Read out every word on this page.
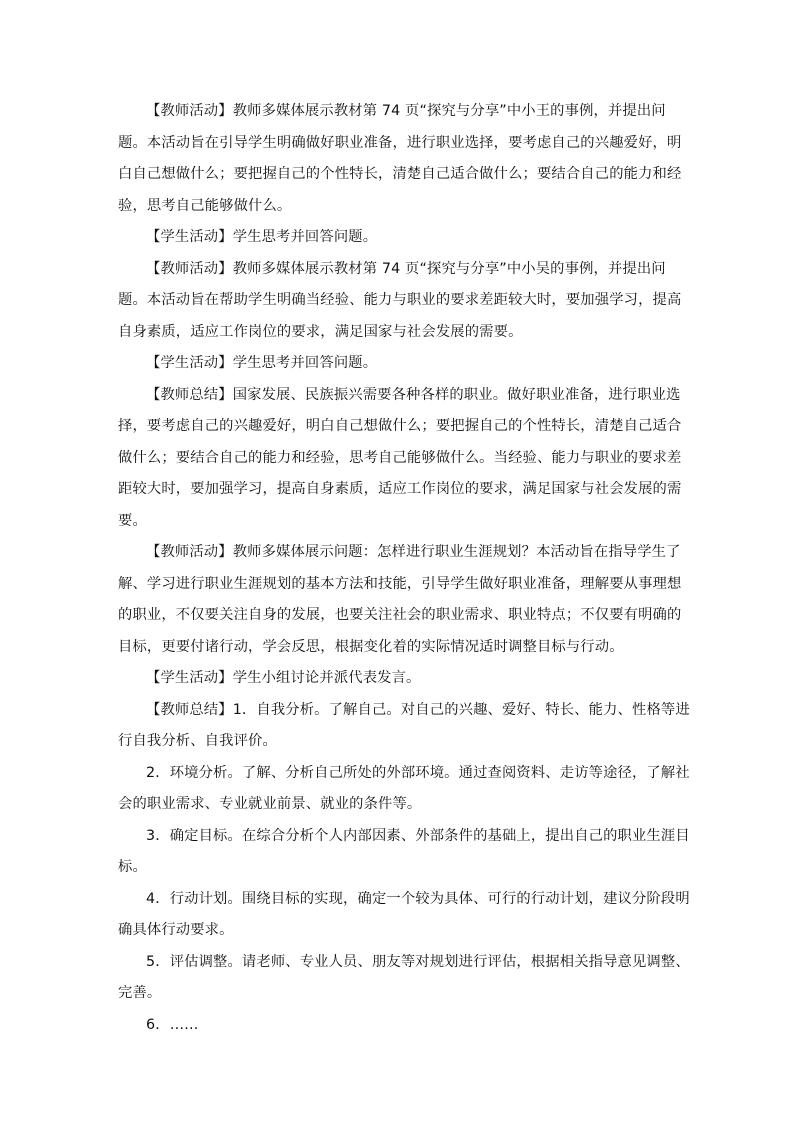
【教师活动】教师多媒体展示教材第 74 页“探究与分享”中小王的事例，并提出问题。本活动旨在引导学生明确做好职业准备，进行职业选择，要考虑自己的兴趣爱好，明白自己想做什么；要把握自己的个性特长，清楚自己适合做什么；要结合自己的能力和经验，思考自己能够做什么。

【学生活动】学生思考并回答问题。

【教师活动】教师多媒体展示教材第 74 页“探究与分享”中小吴的事例，并提出问题。本活动旨在帮助学生明确当经验、能力与职业的要求差距较大时，要加强学习，提高自身素质，适应工作岗位的要求，满足国家与社会发展的需要。

【学生活动】学生思考并回答问题。

【教师总结】国家发展、民族振兴需要各种各样的职业。做好职业准备，进行职业选择，要考虑自己的兴趣爱好，明白自己想做什么；要把握自己的个性特长，清楚自己适合做什么；要结合自己的能力和经验，思考自己能够做什么。当经验、能力与职业的要求差距较大时，要加强学习，提高自身素质，适应工作岗位的要求，满足国家与社会发展的需要。

【教师活动】教师多媒体展示问题：怎样进行职业生涯规划？本活动旨在指导学生了解、学习进行职业生涯规划的基本方法和技能，引导学生做好职业准备，理解要从事理想的职业，不仅要关注自身的发展，也要关注社会的职业需求、职业特点；不仅要有明确的目标，更要付诸行动，学会反思，根据变化着的实际情况适时调整目标与行动。

【学生活动】学生小组讨论并派代表发言。

【教师总结】1．自我分析。了解自己。对自己的兴趣、爱好、特长、能力、性格等进行自我分析、自我评价。

2．环境分析。了解、分析自己所处的外部环境。通过查阅资料、走访等途径，了解社会的职业需求、专业就业前景、就业的条件等。

3．确定目标。在综合分析个人内部因素、外部条件的基础上，提出自己的职业生涯目标。

4．行动计划。围绕目标的实现，确定一个较为具体、可行的行动计划，建议分阶段明确具体行动要求。

5．评估调整。请老师、专业人员、朋友等对规划进行评估，根据相关指导意见调整、完善。

6．……
